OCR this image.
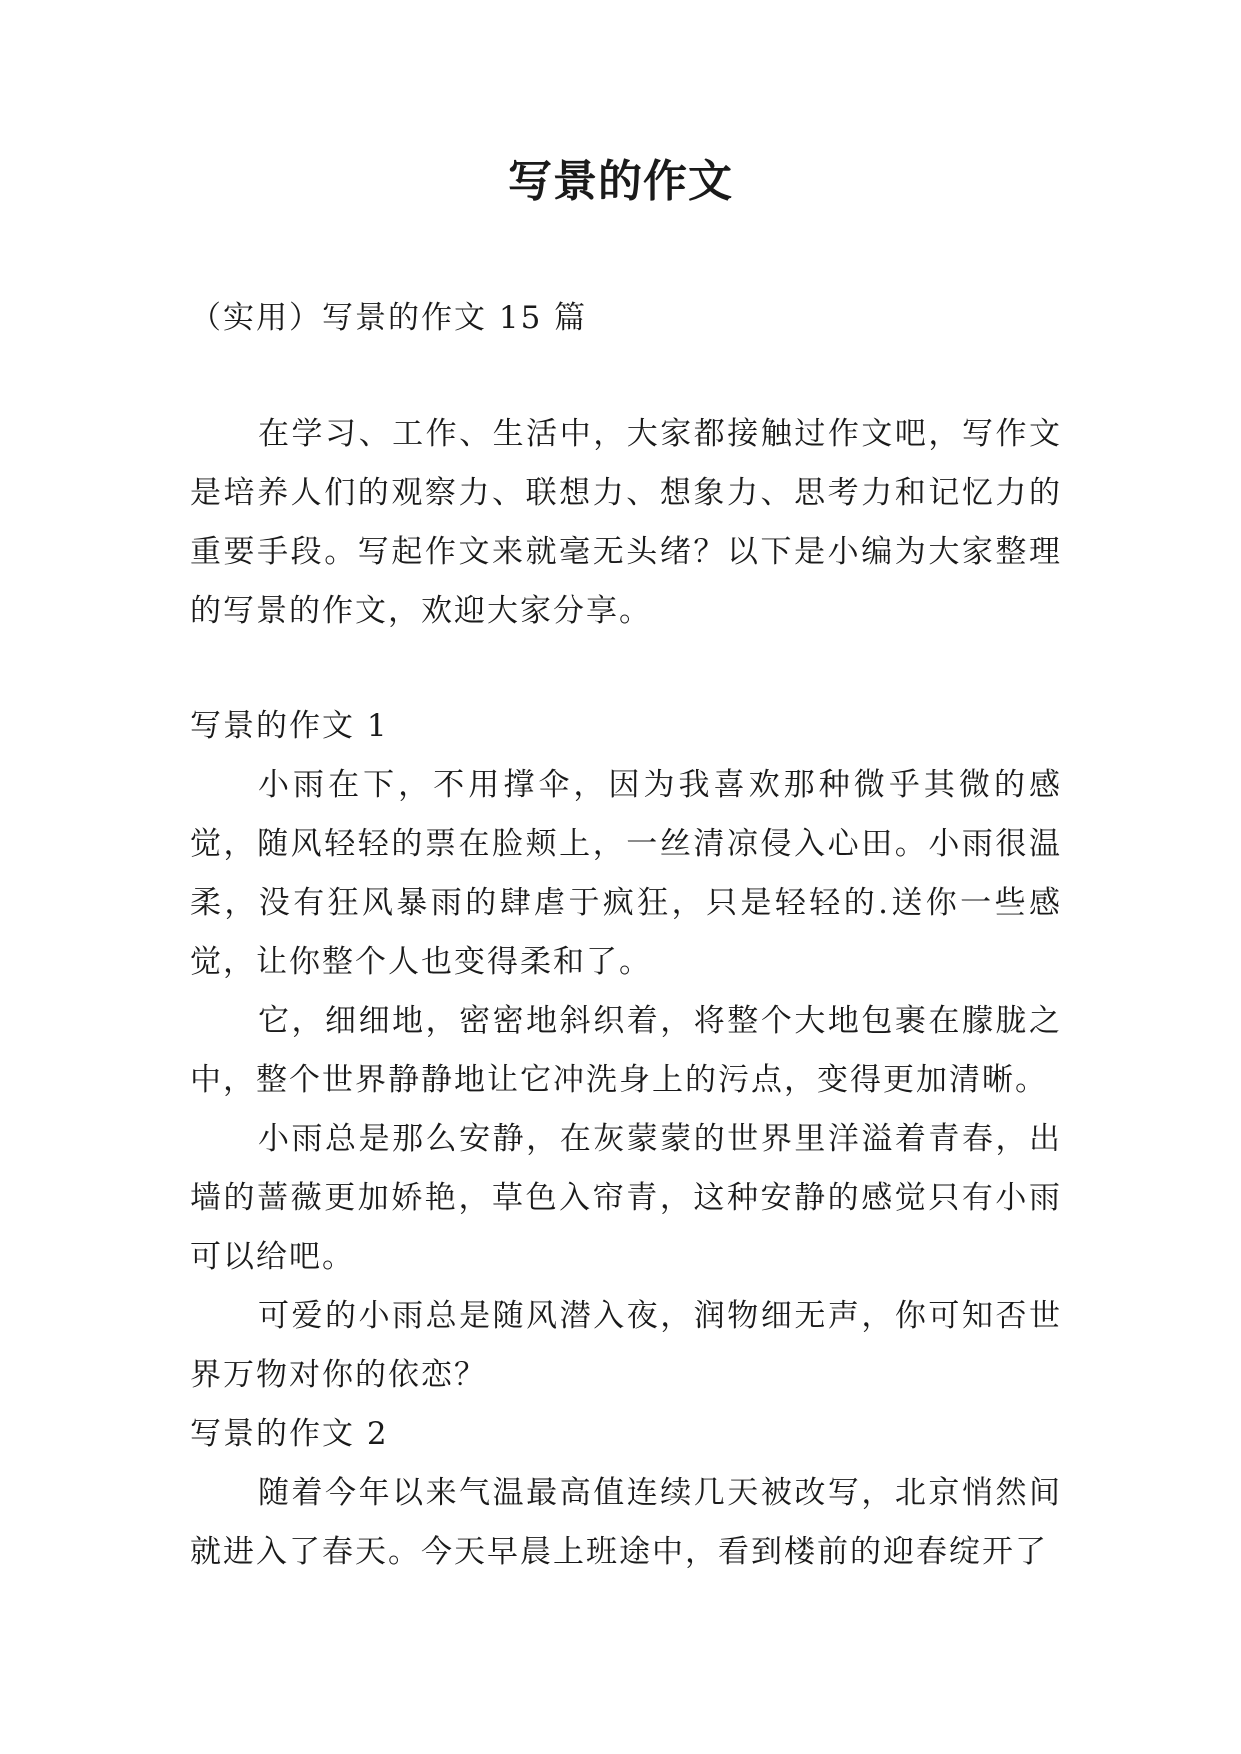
写景的作文
（实用）写景的作文 15 篇

在学习、工作、生活中，大家都接触过作文吧，写作文是培养人们的观察力、联想力、想象力、思考力和记忆力的重要手段。写起作文来就毫无头绪？以下是小编为大家整理的写景的作文，欢迎大家分享。

写景的作文 1

小雨在下，不用撑伞，因为我喜欢那种微乎其微的感觉，随风轻轻的票在脸颊上，一丝清凉侵入心田。小雨很温柔，没有狂风暴雨的肆虐于疯狂，只是轻轻的.送你一些感觉，让你整个人也变得柔和了。

它，细细地，密密地斜织着，将整个大地包裹在朦胧之中，整个世界静静地让它冲洗身上的污点，变得更加清晰。

小雨总是那么安静，在灰蒙蒙的世界里洋溢着青春，出墙的蔷薇更加娇艳，草色入帘青，这种安静的感觉只有小雨可以给吧。

可爱的小雨总是随风潜入夜，润物细无声，你可知否世界万物对你的依恋？

写景的作文 2

随着今年以来气温最高值连续几天被改写，北京悄然间就进入了春天。今天早晨上班途中，看到楼前的迎春绽开了
